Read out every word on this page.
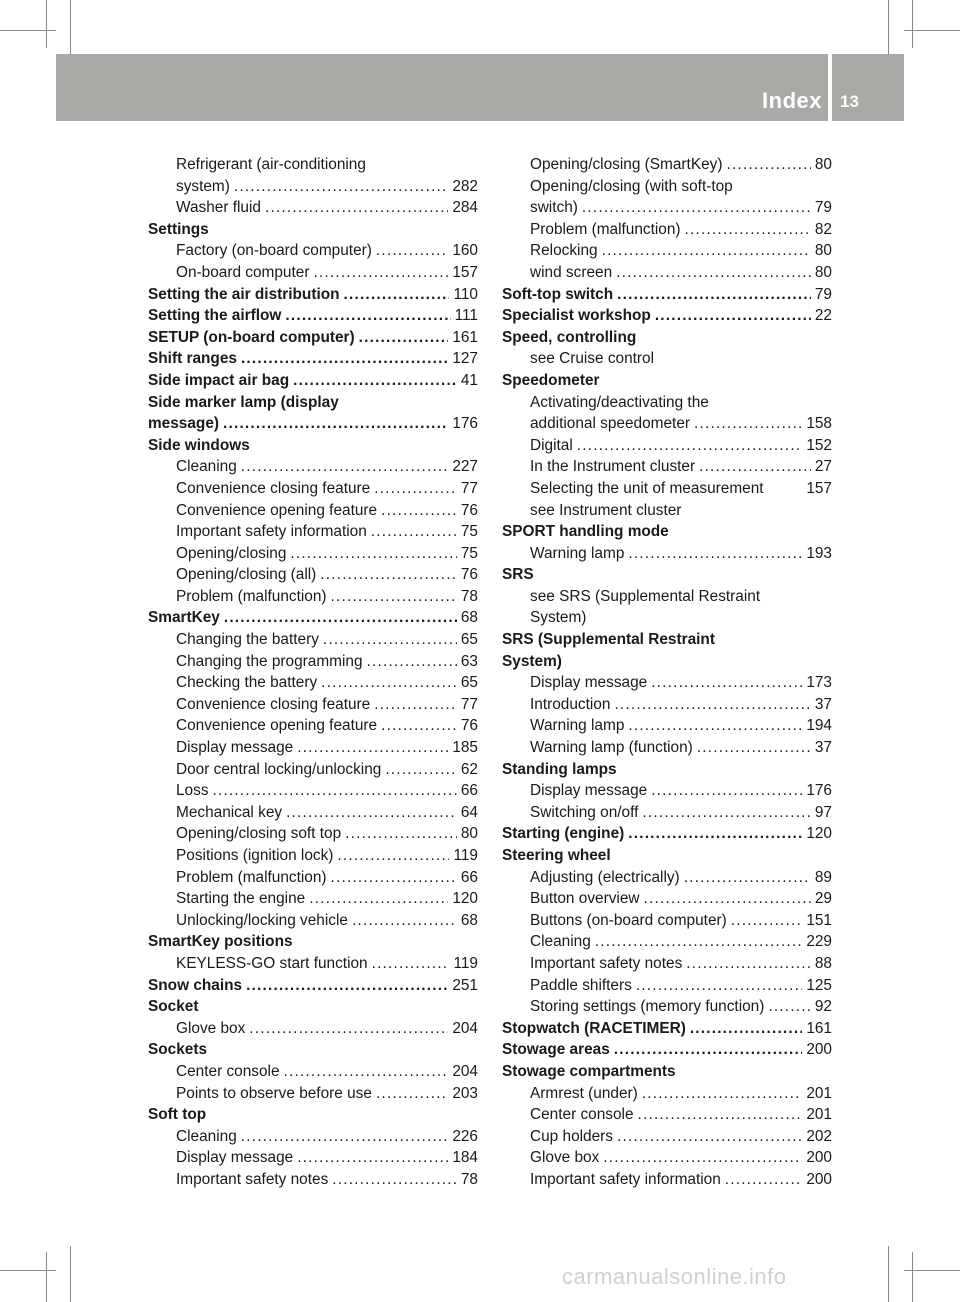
Index 13
Refrigerant (air-conditioning
system) .....	282
Washer fluid .....	284
Settings
Factory (on-board computer) .....	160
On-board computer .....	157
Setting the air distribution .....	110
Setting the airflow .....	111
SETUP (on-board computer) .....	161
Shift ranges .....	127
Side impact air bag .....	41
Side marker lamp (display
message) .....	176
Side windows
Cleaning .....	227
Convenience closing feature .....	77
Convenience opening feature .....	76
Important safety information .....	75
Opening/closing .....	75
Opening/closing (all) .....	76
Problem (malfunction) .....	78
SmartKey .....	68
Changing the battery .....	65
Changing the programming .....	63
Checking the battery .....	65
Convenience closing feature .....	77
Convenience opening feature .....	76
Display message .....	185
Door central locking/unlocking .....	62
Loss .....	66
Mechanical key .....	64
Opening/closing soft top .....	80
Positions (ignition lock) .....	119
Problem (malfunction) .....	66
Starting the engine .....	120
Unlocking/locking vehicle .....	68
SmartKey positions
KEYLESS-GO start function .....	119
Snow chains .....	251
Socket
Glove box .....	204
Sockets
Center console .....	204
Points to observe before use .....	203
Soft top
Cleaning .....	226
Display message .....	184
Important safety notes .....	78
Opening/closing (SmartKey) .....	80
Opening/closing (with soft-top
switch) .....	79
Problem (malfunction) .....	82
Relocking .....	80
wind screen .....	80
Soft-top switch .....	79
Specialist workshop .....	22
Speed, controlling
see Cruise control
Speedometer
Activating/deactivating the
additional speedometer .....	158
Digital .....	152
In the Instrument cluster .....	27
Selecting the unit of measurement	157
see Instrument cluster
SPORT handling mode
Warning lamp .....	193
SRS
see SRS (Supplemental Restraint
System)
SRS (Supplemental Restraint
System)
Display message .....	173
Introduction .....	37
Warning lamp .....	194
Warning lamp (function) .....	37
Standing lamps
Display message .....	176
Switching on/off .....	97
Starting (engine) .....	120
Steering wheel
Adjusting (electrically) .....	89
Button overview .....	29
Buttons (on-board computer) .....	151
Cleaning .....	229
Important safety notes .....	88
Paddle shifters .....	125
Storing settings (memory function) .....	92
Stopwatch (RACETIMER) .....	161
Stowage areas .....	200
Stowage compartments
Armrest (under) .....	201
Center console .....	201
Cup holders .....	202
Glove box .....	200
Important safety information .....	200
carmanualsonline.info
